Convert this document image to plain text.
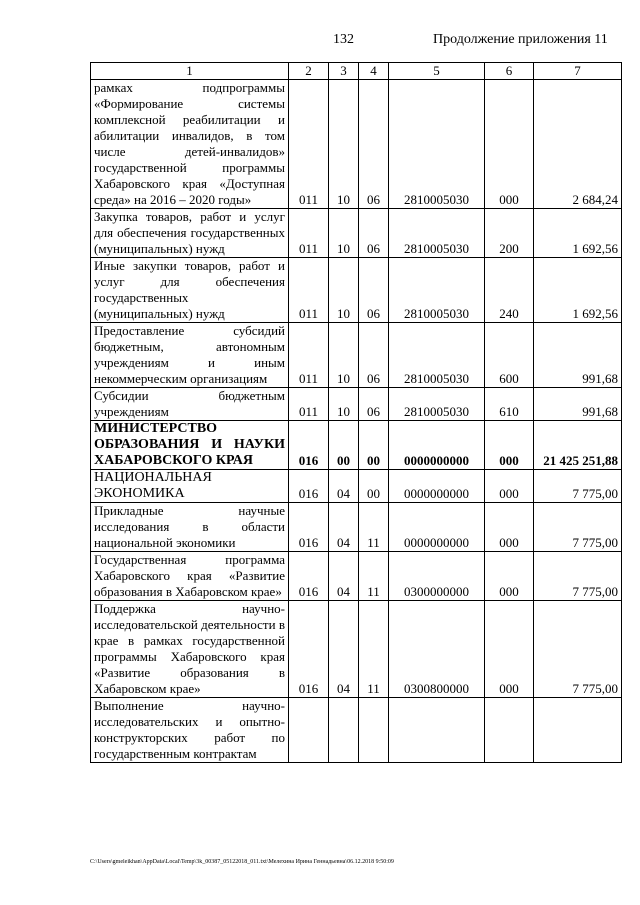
132	Продолжение приложения 11
1	2	3	4	5	6	7
рамках подпрограммы «Формирование системы комплексной реабилитации и абилитации инвалидов, в том числе детей-инвалидов» государственной программы Хабаровского края «Доступная среда» на 2016 – 2020 годы»	011	10	06	2810005030	000	2 684,24
Закупка товаров, работ и услуг для обеспечения государственных (муниципальных) нужд	011	10	06	2810005030	200	1 692,56
Иные закупки товаров, работ и услуг для обеспечения государственных (муниципальных) нужд	011	10	06	2810005030	240	1 692,56
Предоставление субсидий бюджетным, автономным учреждениям и иным некоммерческим организациям	011	10	06	2810005030	600	991,68
Субсидии бюджетным учреждениям	011	10	06	2810005030	610	991,68
МИНИСТЕРСТВО ОБРАЗОВАНИЯ И НАУКИ ХАБАРОВСКОГО КРАЯ	016	00	00	0000000000	000	21 425 251,88
НАЦИОНАЛЬНАЯ ЭКОНОМИКА	016	04	00	0000000000	000	7 775,00
Прикладные научные исследования в области национальной экономики	016	04	11	0000000000	000	7 775,00
Государственная программа Хабаровского края «Развитие образования в Хабаровском крае»	016	04	11	0300000000	000	7 775,00
Поддержка научно-исследовательской деятельности в крае в рамках государственной программы Хабаровского края «Развитие образования в Хабаровском крае»	016	04	11	0300800000	000	7 775,00
Выполнение научно-исследовательских и опытно-конструкторских работ по государственным контрактам						
C:\Users\gmeleikhan\AppData\Local\Temp\3k_00387_05122018_011.txt\Мелехина Ирина Геннадьевна\06.12.2018 9:50:09
